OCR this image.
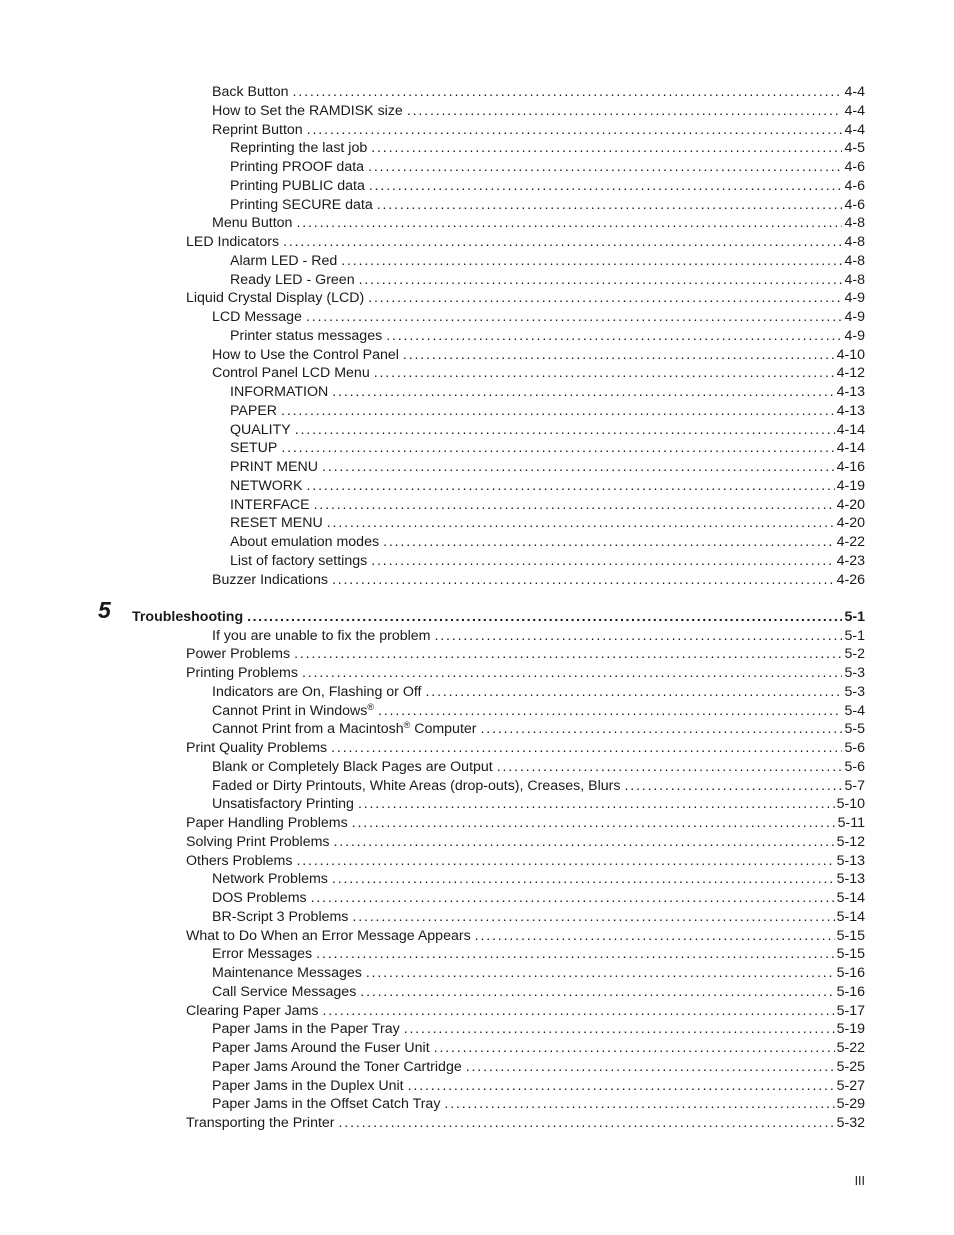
Back Button . . .	4-4
How to Set the RAMDISK size . . .	4-4
Reprint Button . . .	4-4
Reprinting the last job . . .	4-5
Printing PROOF data . . .	4-6
Printing PUBLIC data . . .	4-6
Printing SECURE data . . .	4-6
Menu Button . . .	4-8
LED Indicators . . .	4-8
Alarm LED - Red . . .	4-8
Ready LED - Green . . .	4-8
Liquid Crystal Display (LCD) . . .	4-9
LCD Message . . .	4-9
Printer status messages . . .	4-9
How to Use the Control Panel . . .	4-10
Control Panel LCD Menu . . .	4-12
INFORMATION . . .	4-13
PAPER . . .	4-13
QUALITY . . .	4-14
SETUP . . .	4-14
PRINT MENU . . .	4-16
NETWORK . . .	4-19
INTERFACE . . .	4-20
RESET MENU . . .	4-20
About emulation modes . . .	4-22
List of factory settings . . .	4-23
Buzzer Indications . . .	4-26
5 Troubleshooting . . .	5-1
If you are unable to fix the problem . . .	5-1
Power Problems . . .	5-2
Printing Problems . . .	5-3
Indicators are On, Flashing or Off . . .	5-3
Cannot Print in Windows® . . .	5-4
Cannot Print from a Macintosh® Computer . . .	5-5
Print Quality Problems . . .	5-6
Blank or Completely Black Pages are Output . . .	5-6
Faded or Dirty Printouts, White Areas (drop-outs), Creases, Blurs . . .	5-7
Unsatisfactory Printing . . .	5-10
Paper Handling Problems . . .	5-11
Solving Print Problems . . .	5-12
Others Problems . . .	5-13
Network Problems . . .	5-13
DOS Problems . . .	5-14
BR-Script 3 Problems . . .	5-14
What to Do When an Error Message Appears . . .	5-15
Error Messages . . .	5-15
Maintenance Messages . . .	5-16
Call Service Messages . . .	5-16
Clearing Paper Jams . . .	5-17
Paper Jams in the Paper Tray . . .	5-19
Paper Jams Around the Fuser Unit . . .	5-22
Paper Jams Around the Toner Cartridge . . .	5-25
Paper Jams in the Duplex Unit . . .	5-27
Paper Jams in the Offset Catch Tray . . .	5-29
Transporting the Printer . . .	5-32
III
